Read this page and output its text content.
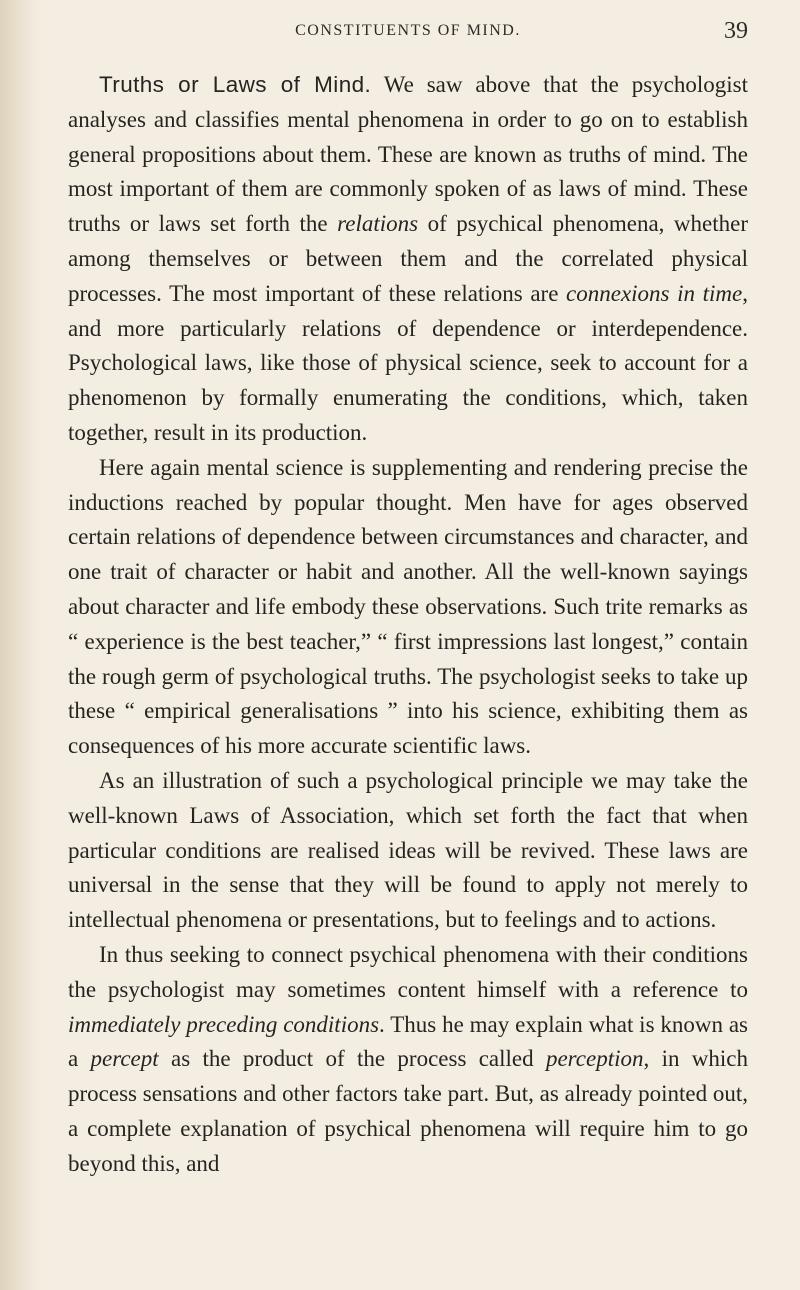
CONSTITUENTS OF MIND.	39

Truths or Laws of Mind. We saw above that the psychologist analyses and classifies mental phenomena in order to go on to establish general propositions about them. These are known as truths of mind. The most important of them are commonly spoken of as laws of mind. These truths or laws set forth the relations of psychical phenomena, whether among themselves or between them and the correlated physical processes. The most important of these relations are connexions in time, and more particularly relations of dependence or interdependence. Psychological laws, like those of physical science, seek to account for a phenomenon by formally enumerating the conditions, which, taken together, result in its production.

Here again mental science is supplementing and rendering precise the inductions reached by popular thought. Men have for ages observed certain relations of dependence between circumstances and character, and one trait of character or habit and another. All the well-known sayings about character and life embody these observations. Such trite remarks as “ experience is the best teacher,” “ first impressions last longest,” contain the rough germ of psychological truths. The psychologist seeks to take up these “ empirical generalisations ” into his science, exhibiting them as consequences of his more accurate scientific laws.

As an illustration of such a psychological principle we may take the well-known Laws of Association, which set forth the fact that when particular conditions are realised ideas will be revived. These laws are universal in the sense that they will be found to apply not merely to intellectual phenomena or presentations, but to feelings and to actions.

In thus seeking to connect psychical phenomena with their conditions the psychologist may sometimes content himself with a reference to immediately preceding conditions. Thus he may explain what is known as a percept as the product of the process called perception, in which process sensations and other factors take part. But, as already pointed out, a complete explanation of psychical phenomena will require him to go beyond this, and
